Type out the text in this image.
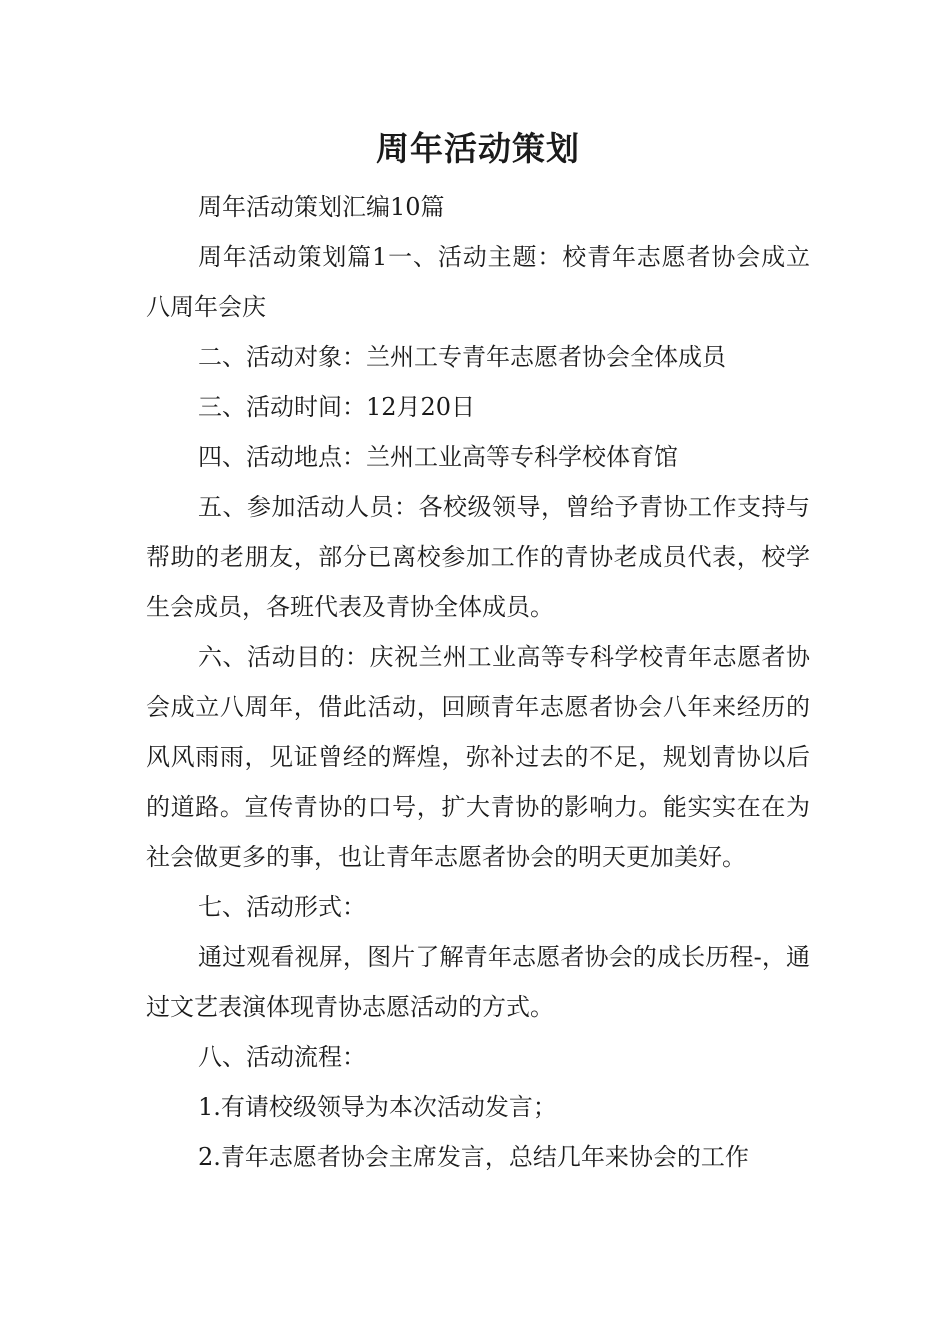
周年活动策划

周年活动策划汇编10篇

周年活动策划篇1一、活动主题：校青年志愿者协会成立八周年会庆

二、活动对象：兰州工专青年志愿者协会全体成员

三、活动时间：12月20日

四、活动地点：兰州工业高等专科学校体育馆

五、参加活动人员：各校级领导，曾给予青协工作支持与帮助的老朋友，部分已离校参加工作的青协老成员代表，校学生会成员，各班代表及青协全体成员。

六、活动目的：庆祝兰州工业高等专科学校青年志愿者协会成立八周年，借此活动，回顾青年志愿者协会八年来经历的风风雨雨，见证曾经的辉煌，弥补过去的不足，规划青协以后的道路。宣传青协的口号，扩大青协的影响力。能实实在在为社会做更多的事，也让青年志愿者协会的明天更加美好。

七、活动形式：

通过观看视屏，图片了解青年志愿者协会的成长历程-，通过文艺表演体现青协志愿活动的方式。

八、活动流程：

1.有请校级领导为本次活动发言；

2.青年志愿者协会主席发言，总结几年来协会的工作
